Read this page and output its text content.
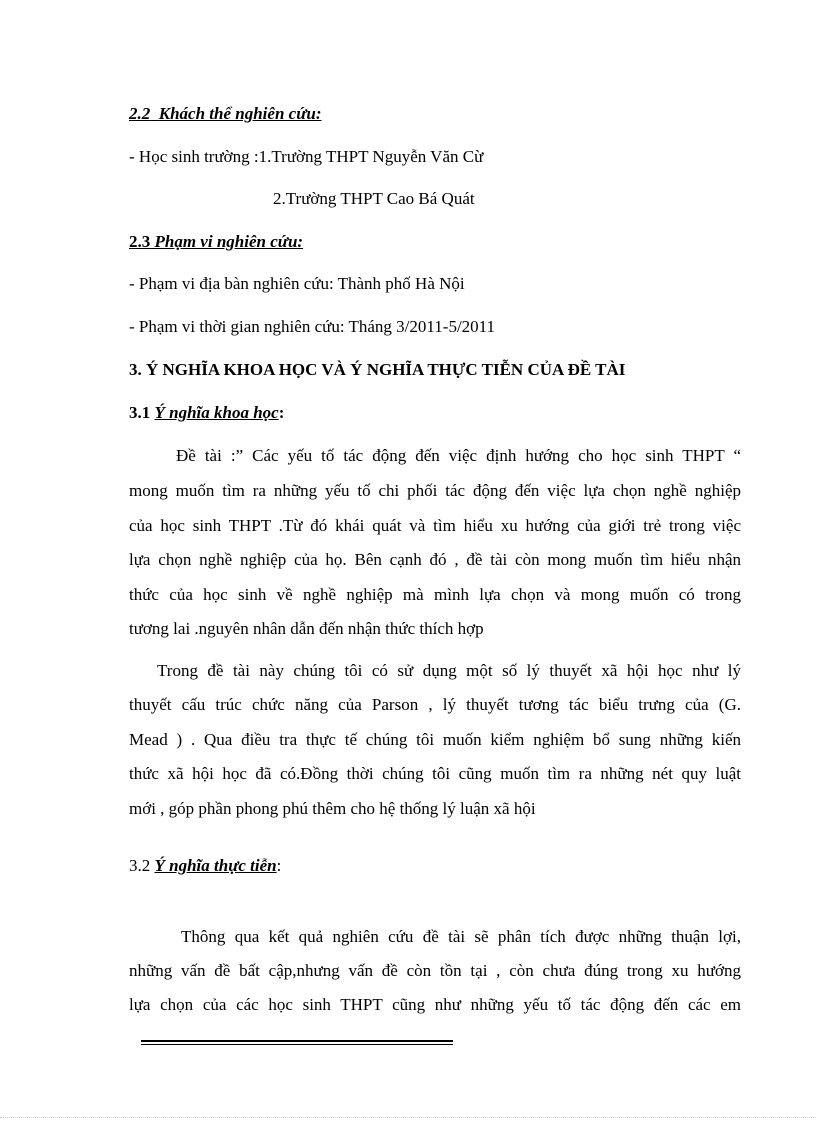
2.2 Khách thể nghiên cứu:
- Học sinh trường :1.Trường THPT Nguyễn Văn Cừ
2.Trường THPT Cao Bá Quát
2.3 Phạm vi nghiên cứu:
- Phạm vi địa bàn nghiên cứu: Thành phố Hà Nội
- Phạm vi thời gian nghiên cứu: Tháng 3/2011-5/2011
3. Ý NGHĨA KHOA HỌC VÀ Ý NGHĨA THỰC TIỄN CỦA ĐỀ TÀI
3.1 Ý nghĩa khoa học:
Đề tài :” Các yếu tố tác động đến việc định hướng cho học sinh THPT “
mong muốn tìm ra những yếu tố chi phối tác động đến việc lựa chọn nghề nghiệp
của học sinh THPT .Từ đó khái quát và tìm hiểu xu hướng của giới trẻ trong việc
lựa chọn nghề nghiệp của họ. Bên cạnh đó , đề tài còn mong muốn tìm hiểu nhận
thức của học sinh về nghề nghiệp mà mình lựa chọn và mong muốn có trong
tương lai .nguyên nhân dẫn đến nhận thức thích hợp
Trong đề tài này chúng tôi có sử dụng một số lý thuyết xã hội học như lý
thuyết cấu trúc chức năng của Parson , lý thuyết tương tác biểu trưng của (G.
Mead ) . Qua điều tra thực tế chúng tôi muốn kiểm nghiệm bổ sung những kiến
thức xã hội học đã có.Đồng thời chúng tôi cũng muốn tìm ra những nét quy luật
mới , góp phần phong phú thêm cho hệ thống lý luận xã hội
3.2 Ý nghĩa thực tiễn:
Thông qua kết quả nghiên cứu đề tài sẽ phân tích được những thuận lợi,
những vấn đề bất cập,nhưng vấn đề còn tồn tại , còn chưa đúng trong xu hướng
lựa chọn của các học sinh THPT cũng như những yếu tố tác động đến các em
